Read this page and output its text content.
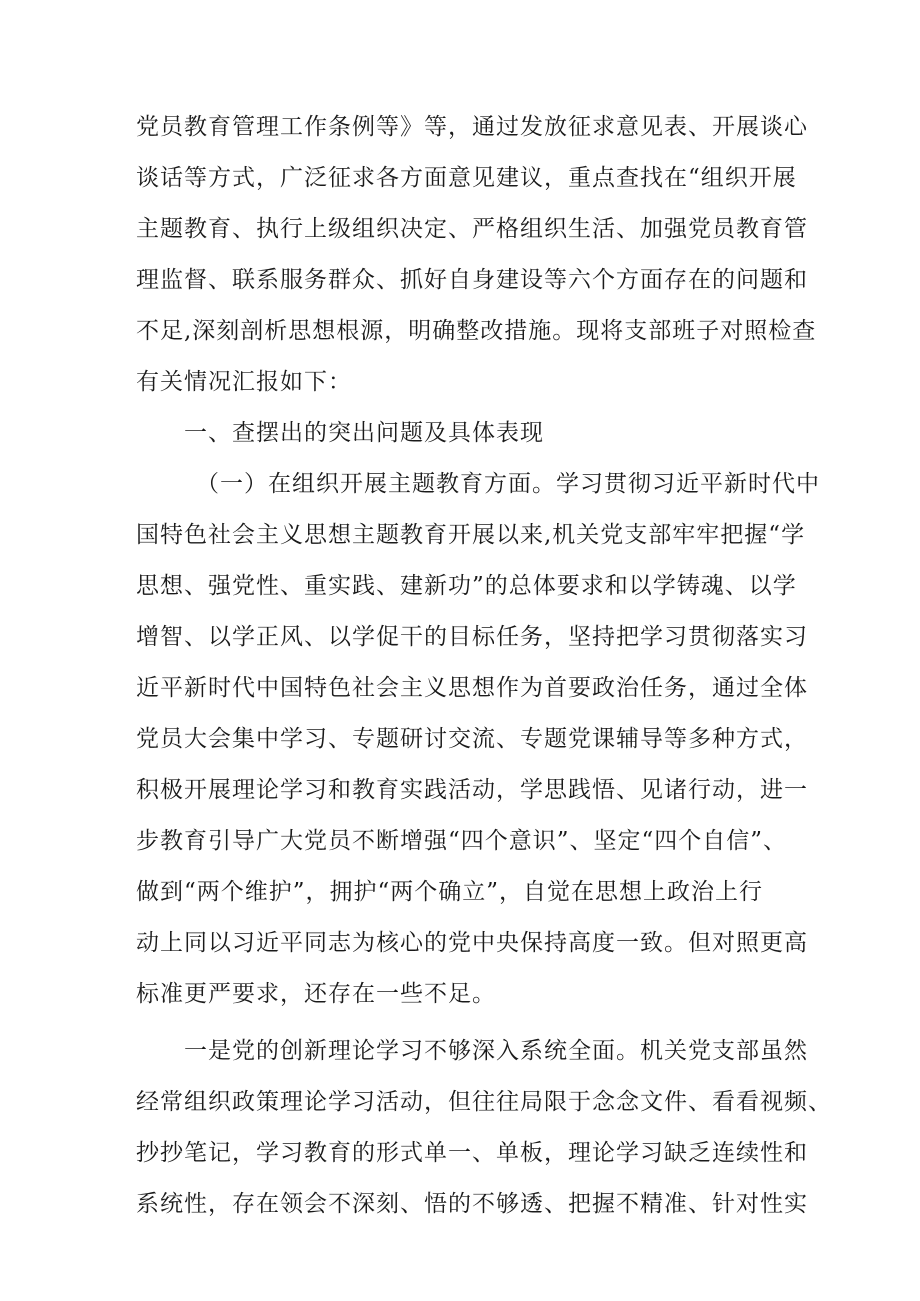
党员教育管理工作条例等》等，通过发放征求意见表、开展谈心
谈话等方式，广泛征求各方面意见建议，重点查找在“组织开展
主题教育、执行上级组织决定、严格组织生活、加强党员教育管
理监督、联系服务群众、抓好自身建设等六个方面存在的问题和
不足,深刻剖析思想根源，明确整改措施。现将支部班子对照检查
有关情况汇报如下：
一、查摆出的突出问题及具体表现
（一）在组织开展主题教育方面。学习贯彻习近平新时代中
国特色社会主义思想主题教育开展以来,机关党支部牢牢把握“学
思想、强党性、重实践、建新功”的总体要求和以学铸魂、以学
增智、以学正风、以学促干的目标任务，坚持把学习贯彻落实习
近平新时代中国特色社会主义思想作为首要政治任务，通过全体
党员大会集中学习、专题研讨交流、专题党课辅导等多种方式，
积极开展理论学习和教育实践活动，学思践悟、见诸行动，进一
步教育引导广大党员不断增强“四个意识”、坚定“四个自信”、
做到“两个维护”，拥护“两个确立”，自觉在思想上政治上行
动上同以习近平同志为核心的党中央保持高度一致。但对照更高
标准更严要求，还存在一些不足。
一是党的创新理论学习不够深入系统全面。机关党支部虽然
经常组织政策理论学习活动，但往往局限于念念文件、看看视频、
抄抄笔记，学习教育的形式单一、单板，理论学习缺乏连续性和
系统性，存在领会不深刻、悟的不够透、把握不精准、针对性实
